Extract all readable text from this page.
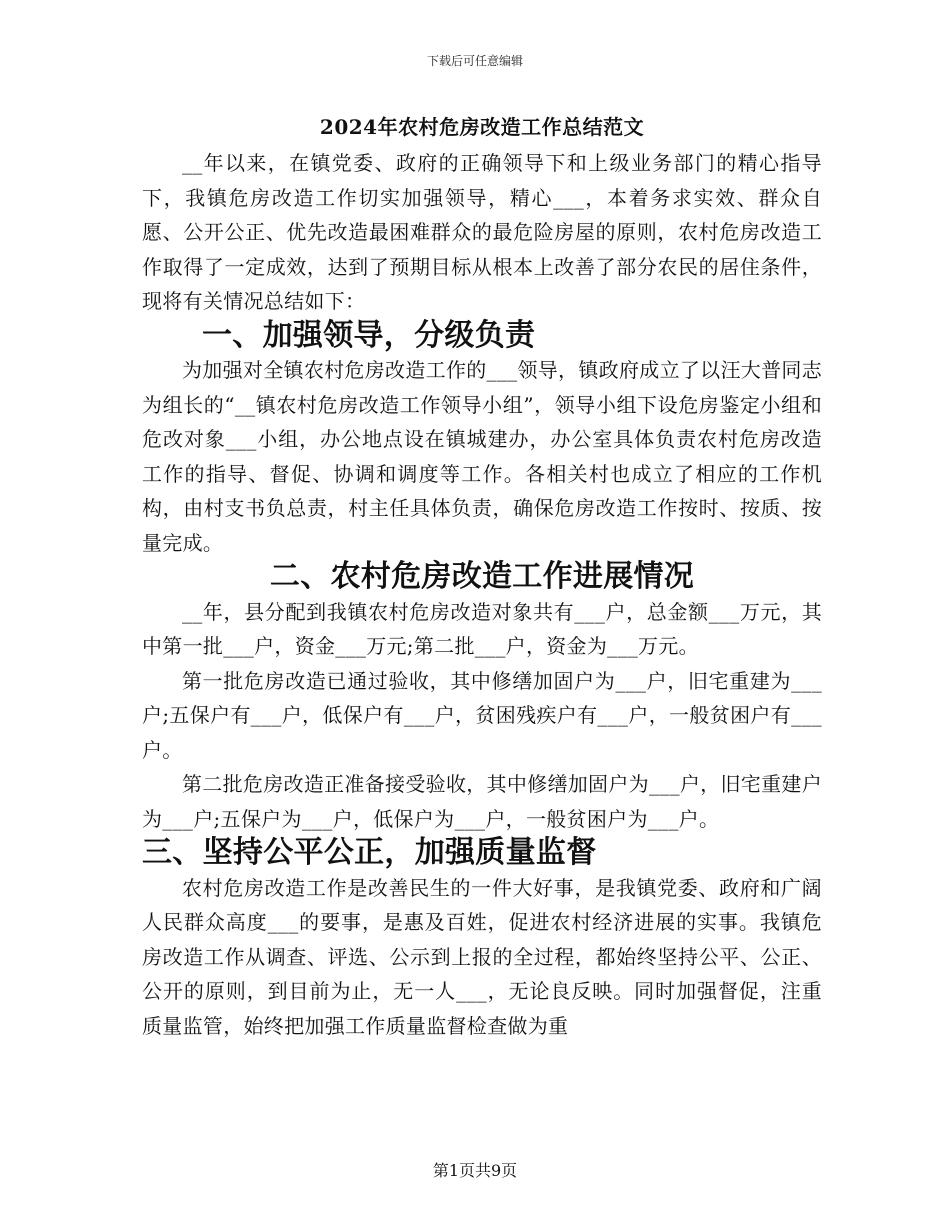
下载后可任意编辑
2024年农村危房改造工作总结范文

__年以来，在镇党委、政府的正确领导下和上级业务部门的精心指导下，我镇危房改造工作切实加强领导，精心___，本着务求实效、群众自愿、公开公正、优先改造最困难群众的最危险房屋的原则，农村危房改造工作取得了一定成效，达到了预期目标从根本上改善了部分农民的居住条件，现将有关情况总结如下：

一、加强领导，分级负责

为加强对全镇农村危房改造工作的___领导，镇政府成立了以汪大普同志为组长的“__镇农村危房改造工作领导小组”，领导小组下设危房鉴定小组和危改对象___小组，办公地点设在镇城建办，办公室具体负责农村危房改造工作的指导、督促、协调和调度等工作。各相关村也成立了相应的工作机构，由村支书负总责，村主任具体负责，确保危房改造工作按时、按质、按量完成。

二、农村危房改造工作进展情况

__年，县分配到我镇农村危房改造对象共有___户，总金额___万元，其中第一批___户，资金___万元;第二批___户，资金为___万元。

第一批危房改造已通过验收，其中修缮加固户为___户，旧宅重建为___户;五保户有___户，低保户有___户，贫困残疾户有___户，一般贫困户有___户。

第二批危房改造正准备接受验收，其中修缮加固户为___户，旧宅重建户为___户;五保户为___户，低保户为___户，一般贫困户为___户。

三、坚持公平公正，加强质量监督

农村危房改造工作是改善民生的一件大好事，是我镇党委、政府和广阔人民群众高度___的要事，是惠及百姓，促进农村经济进展的实事。我镇危房改造工作从调查、评选、公示到上报的全过程，都始终坚持公平、公正、公开的原则，到目前为止，无一人___，无论良反映。同时加强督促，注重质量监管，始终把加强工作质量监督检查做为重

第1页共9页
